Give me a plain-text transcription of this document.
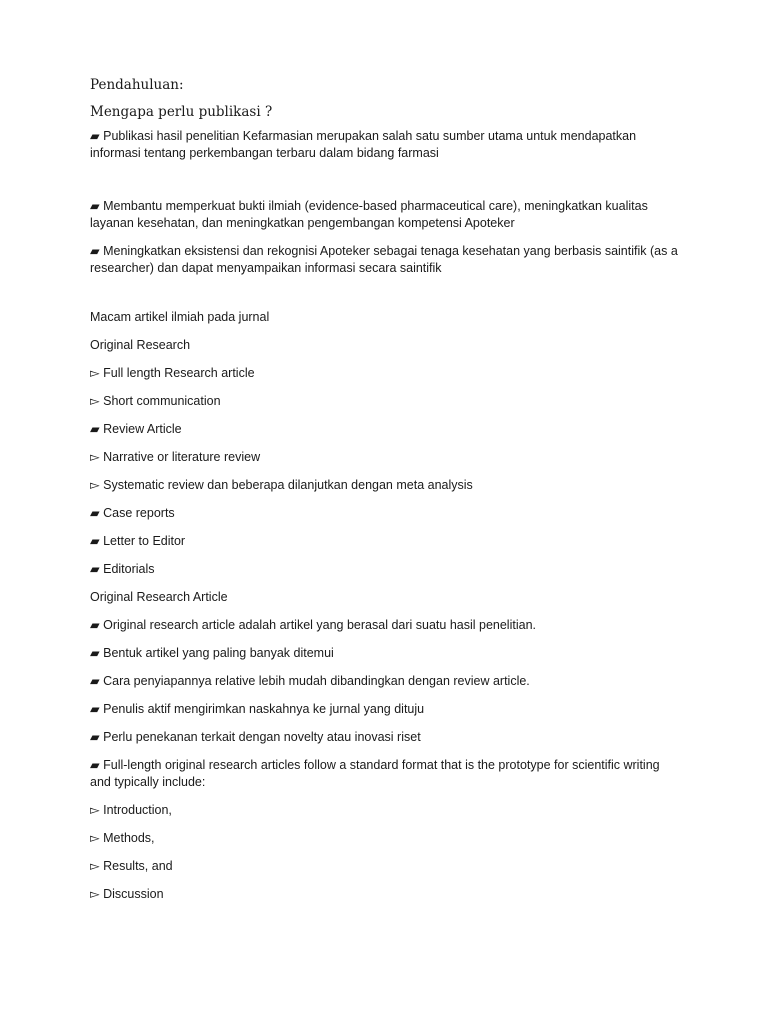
Pendahuluan:

Mengapa perlu publikasi ?

▰ Publikasi hasil penelitian Kefarmasian merupakan salah satu sumber utama untuk mendapatkan informasi tentang perkembangan terbaru dalam bidang farmasi

▰ Membantu memperkuat bukti ilmiah (evidence-based pharmaceutical care), meningkatkan kualitas layanan kesehatan, dan meningkatkan pengembangan kompetensi Apoteker

▰ Meningkatkan eksistensi dan rekognisi Apoteker sebagai tenaga kesehatan yang berbasis saintifik (as a researcher) dan dapat menyampaikan informasi secara saintifik

Macam artikel ilmiah pada jurnal

Original Research

▻ Full length Research article

▻ Short communication

▰ Review Article

▻ Narrative or literature review

▻ Systematic review dan beberapa dilanjutkan dengan meta analysis

▰ Case reports

▰ Letter to Editor

▰ Editorials

Original Research Article

▰ Original research article adalah artikel yang berasal dari suatu hasil penelitian.

▰ Bentuk artikel yang paling banyak ditemui

▰ Cara penyiapannya relative lebih mudah dibandingkan dengan review article.

▰ Penulis aktif mengirimkan naskahnya ke jurnal yang dituju

▰ Perlu penekanan terkait dengan novelty atau inovasi riset

▰ Full-length original research articles follow a standard format that is the prototype for scientific writing and typically include:

▻ Introduction,

▻ Methods,

▻ Results, and

▻ Discussion
